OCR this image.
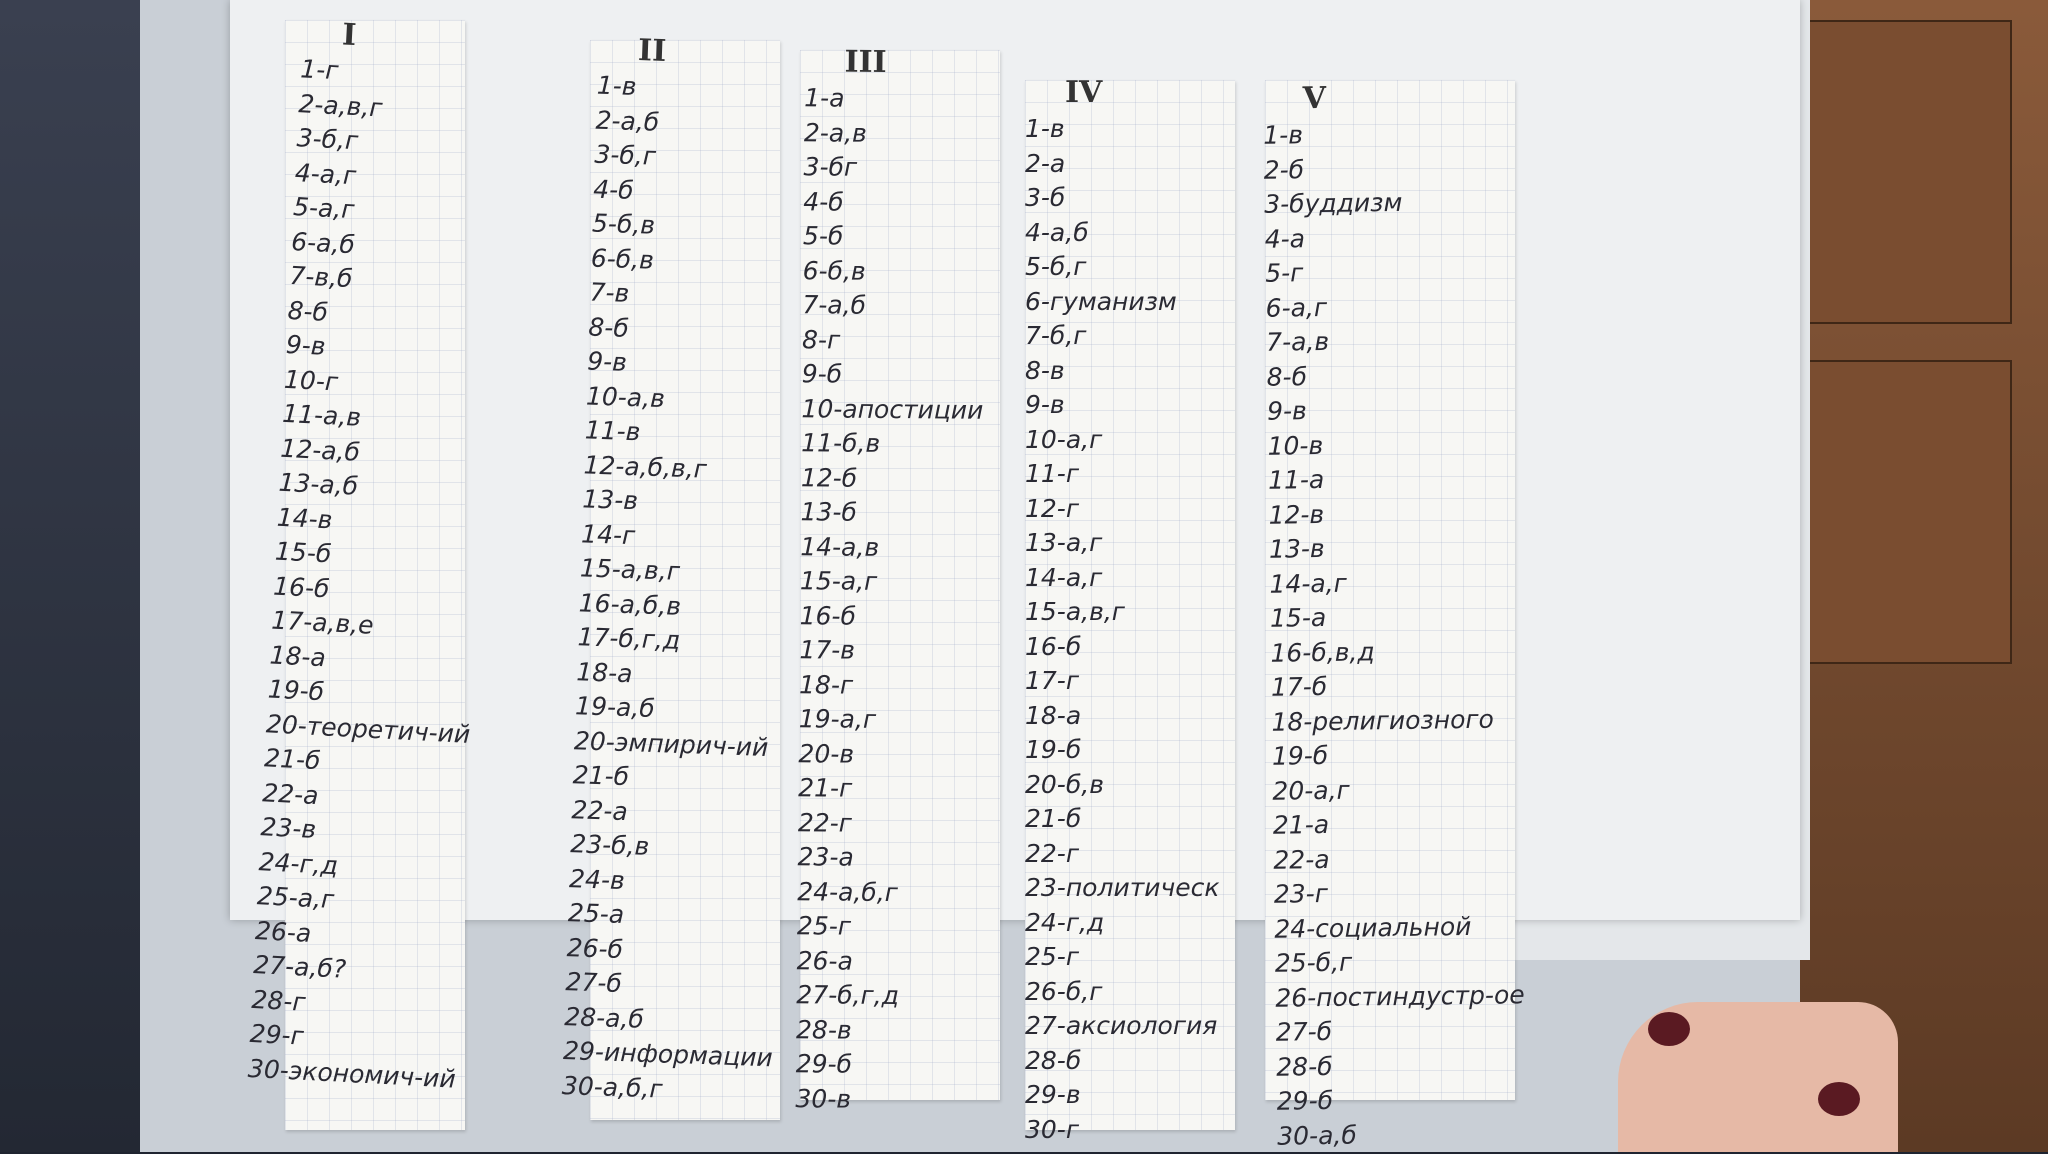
I
1-г
2-а,в,г
3-б,г
4-а,г
5-а,г
6-а,б
7-в,б
8-б
9-в
10-г
11-а,в
12-а,б
13-а,б
14-в
15-б
16-б
17-а,в,е
18-а
19-б
20-теоретич-ий
21-б
22-а
23-в
24-г,д
25-а,г
26-а
27-а,б?
28-г
29-г
30-экономич-ий
II
1-в
2-а,б
3-б,г
4-б
5-б,в
6-б,в
7-в
8-б
9-в
10-а,в
11-в
12-а,б,в,г
13-в
14-г
15-а,в,г
16-а,б,в
17-б,г,д
18-а
19-а,б
20-эмпирич-ий
21-б
22-а
23-б,в
24-в
25-а
26-б
27-б
28-а,б
29-информации
30-а,б,г
III
1-а
2-а,в
3-бг
4-б
5-б
6-б,в
7-а,б
8-г
9-б
10-апостиции
11-б,в
12-б
13-б
14-а,в
15-а,г
16-б
17-в
18-г
19-а,г
20-в
21-г
22-г
23-а
24-а,б,г
25-г
26-а
27-б,г,д
28-в
29-б
30-в
IV
1-в
2-а
3-б
4-а,б
5-б,г
6-гуманизм
7-б,г
8-в
9-в
10-а,г
11-г
12-г
13-а,г
14-а,г
15-а,в,г
16-б
17-г
18-а
19-б
20-б,в
21-б
22-г
23-политическ
24-г,д
25-г
26-б,г
27-аксиология
28-б
29-в
30-г
V
1-в
2-б
3-буддизм
4-а
5-г
6-а,г
7-а,в
8-б
9-в
10-в
11-а
12-в
13-в
14-а,г
15-а
16-б,в,д
17-б
18-религиозного
19-б
20-а,г
21-а
22-а
23-г
24-социальной
25-б,г
26-постиндустр-ое
27-б
28-б
29-б
30-а,б
